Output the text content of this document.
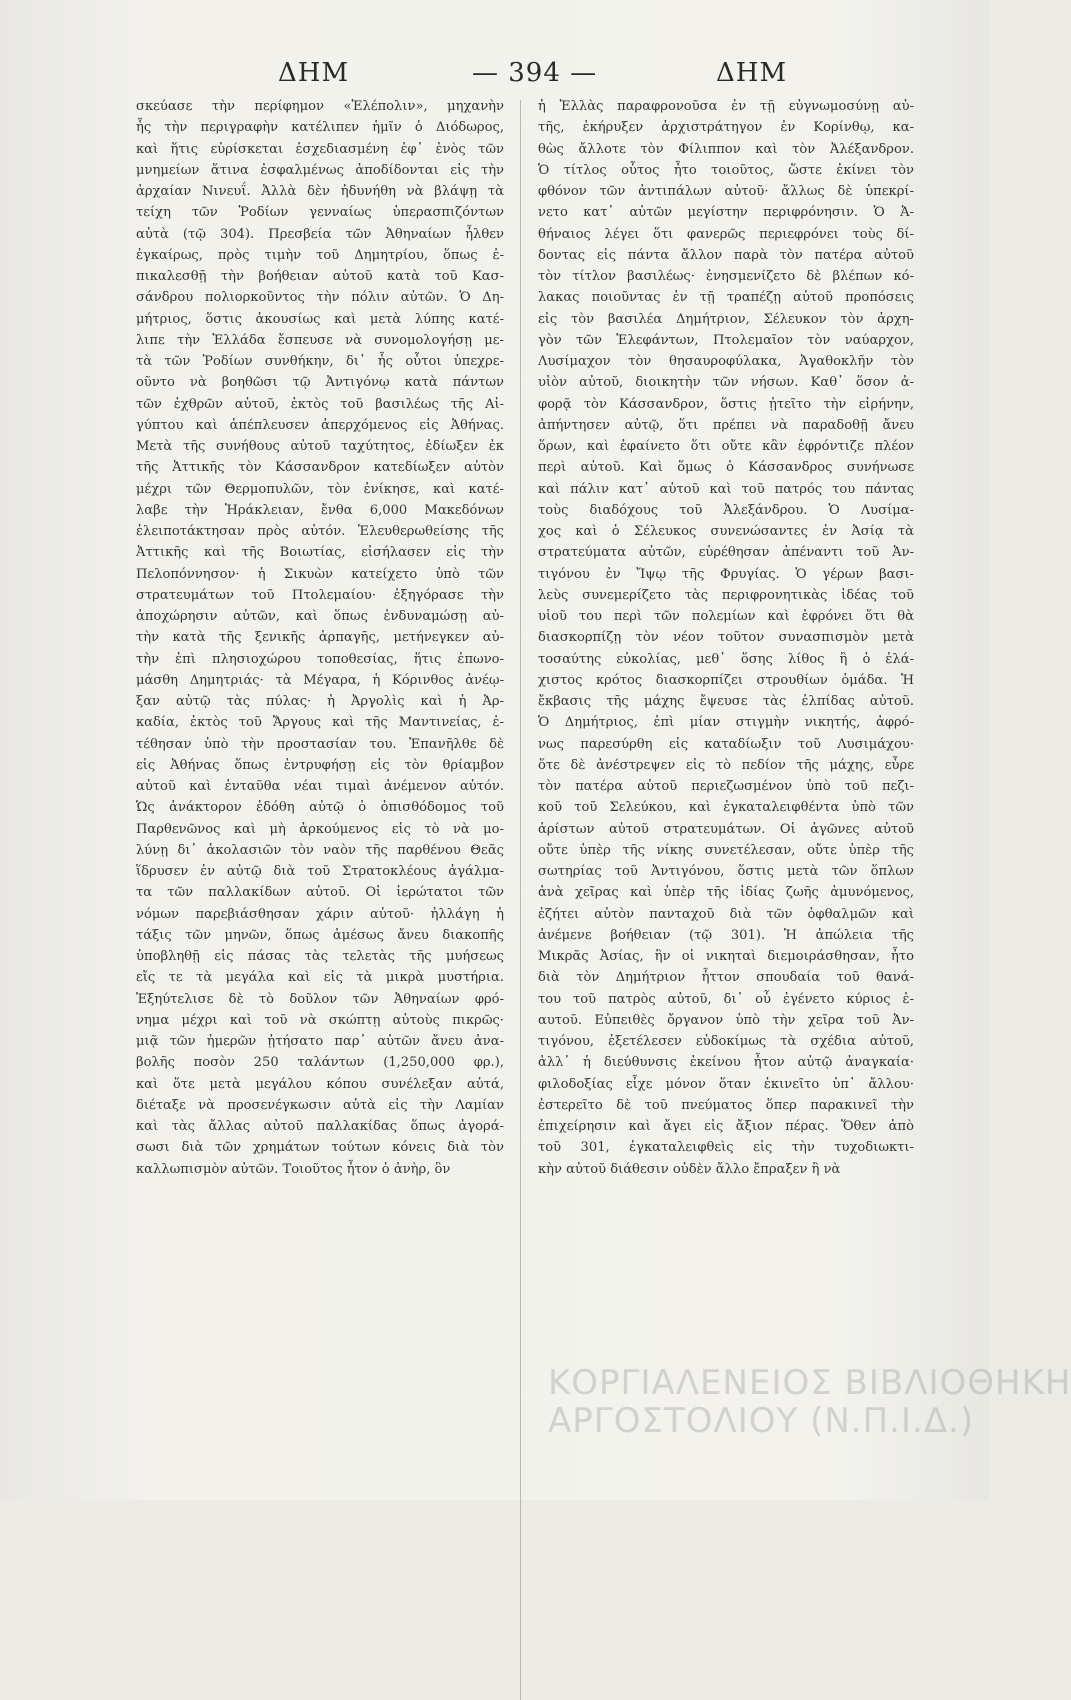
ΔΗΜ	— 394 —	ΔΗΜ

σκεύασε τὴν περίφημον «Ἑλέπολιν», μηχανὴν

ἧς τὴν περιγραφὴν κατέλιπεν ἡμῖν ὁ Διόδωρος,

καὶ ἥτις εὑρίσκεται ἐσχεδιασμένη ἐφ᾽ ἑνὸς τῶν

μνημείων ἅτινα ἐσφαλμένως ἀποδίδονται εἰς τὴν

ἀρχαίαν Νινευΐ. Ἀλλὰ δὲν ἠδυνήθη νὰ βλάψῃ τὰ

τείχη τῶν Ῥοδίων γενναίως ὑπερασπιζόντων

αὐτὰ (τῷ 304). Πρεσβεία τῶν Ἀθηναίων ἦλθεν

ἐγκαίρως, πρὸς τιμὴν τοῦ Δημητρίου, ὅπως ἐ-

πικαλεσθῇ τὴν βοήθειαν αὐτοῦ κατὰ τοῦ Κασ-

σάνδρου πολιορκοῦντος τὴν πόλιν αὐτῶν. Ὁ Δη-

μήτριος, ὅστις ἀκουσίως καὶ μετὰ λύπης κατέ-

λιπε τὴν Ἑλλάδα ἔσπευσε νὰ συνομολογήσῃ με-

τὰ τῶν Ῥοδίων συνθήκην, δι᾽ ἧς οὗτοι ὑπεχρε-

οῦντο νὰ βοηθῶσι τῷ Ἀντιγόνῳ κατὰ πάντων

τῶν ἐχθρῶν αὐτοῦ, ἐκτὸς τοῦ βασιλέως τῆς Αἰ-

γύπτου καὶ ἀπέπλευσεν ἀπερχόμενος εἰς Ἀθήνας.

Μετὰ τῆς συνήθους αὐτοῦ ταχύτητος, ἐδίωξεν ἐκ

τῆς Ἀττικῆς τὸν Κάσσανδρον κατεδίωξεν αὐτὸν

μέχρι τῶν Θερμοπυλῶν, τὸν ἐνίκησε, καὶ κατέ-

λαβε τὴν Ἡράκλειαν, ἔνθα 6,000 Μακεδόνων

ἐλειποτάκτησαν πρὸς αὐτόν. Ἐλευθερωθείσης τῆς

Ἀττικῆς καὶ τῆς Βοιωτίας, εἰσήλασεν εἰς τὴν

Πελοπόννησον· ἡ Σικυὼν κατείχετο ὑπὸ τῶν

στρατευμάτων τοῦ Πτολεμαίου· ἐξηγόρασε τὴν

ἀποχώρησιν αὐτῶν, καὶ ὅπως ἐνδυναμώσῃ αὐ-

τὴν κατὰ τῆς ξενικῆς ἁρπαγῆς, μετήνεγκεν αὐ-

τὴν ἐπὶ πλησιοχώρου τοποθεσίας, ἥτις ἐπωνο-

μάσθη Δημητριάς· τὰ Μέγαρα, ἡ Κόρινθος ἀνέῳ-

ξαν αὐτῷ τὰς πύλας· ἡ Ἀργολὶς καὶ ἡ Ἀρ-

καδία, ἐκτὸς τοῦ Ἄργους καὶ τῆς Μαντινείας, ἐ-

τέθησαν ὑπὸ τὴν προστασίαν του. Ἐπανῆλθε δὲ

εἰς Ἀθήνας ὅπως ἐντρυφήσῃ εἰς τὸν θρίαμβον

αὐτοῦ καὶ ἐνταῦθα νέαι τιμαὶ ἀνέμενον αὐτόν.

Ὡς ἀνάκτορον ἐδόθη αὐτῷ ὁ ὀπισθόδομος τοῦ

Παρθενῶνος καὶ μὴ ἀρκούμενος εἰς τὸ νὰ μο-

λύνῃ δι᾽ ἀκολασιῶν τὸν ναὸν τῆς παρθένου Θεᾶς

ἵδρυσεν ἐν αὐτῷ διὰ τοῦ Στρατοκλέους ἀγάλμα-

τα τῶν παλλακίδων αὐτοῦ. Οἱ ἱερώτατοι τῶν

νόμων παρεβιάσθησαν χάριν αὐτοῦ· ἠλλάγη ἡ

τάξις τῶν μηνῶν, ὅπως ἀμέσως ἄνευ διακοπῆς

ὑποβληθῇ εἰς πάσας τὰς τελετὰς τῆς μυήσεως

εἴς τε τὰ μεγάλα καὶ εἰς τὰ μικρὰ μυστήρια.

Ἐξηύτελισε δὲ τὸ δοῦλον τῶν Ἀθηναίων φρό-

νημα μέχρι καὶ τοῦ νὰ σκώπτῃ αὐτοὺς πικρῶς·

μιᾷ τῶν ἡμερῶν ᾐτήσατο παρ᾽ αὐτῶν ἄνευ ἀνα-

βολῆς ποσὸν 250 ταλάντων (1,250,000 φρ.),

καὶ ὅτε μετὰ μεγάλου κόπου συνέλεξαν αὐτά,

διέταξε νὰ προσενέγκωσιν αὐτὰ εἰς τὴν Λαμίαν

καὶ τὰς ἄλλας αὐτοῦ παλλακίδας ὅπως ἀγορά-

σωσι διὰ τῶν χρημάτων τούτων κόνεις διὰ τὸν

καλλωπισμὸν αὐτῶν. Τοιοῦτος ἦτον ὁ ἀνὴρ, ὃν

ἡ Ἑλλὰς παραφρονοῦσα ἐν τῇ εὐγνωμοσύνῃ αὐ-

τῆς, ἐκήρυξεν ἀρχιστράτηγον ἐν Κορίνθῳ, κα-

θὼς ἄλλοτε τὸν Φίλιππον καὶ τὸν Ἀλέξανδρον.

Ὁ τίτλος οὗτος ἦτο τοιοῦτος, ὥστε ἐκίνει τὸν

φθόνον τῶν ἀντιπάλων αὐτοῦ· ἄλλως δὲ ὑπεκρί-

νετο κατ᾽ αὐτῶν μεγίστην περιφρόνησιν. Ὁ Ἀ-

θήναιος λέγει ὅτι φανερῶς περιεφρόνει τοὺς δί-

δοντας εἰς πάντα ἄλλον παρὰ τὸν πατέρα αὐτοῦ

τὸν τίτλον βασιλέως· ἐνησμενίζετο δὲ βλέπων κό-

λακας ποιοῦντας ἐν τῇ τραπέζῃ αὐτοῦ προπόσεις

εἰς τὸν βασιλέα Δημήτριον, Σέλευκον τὸν ἀρχη-

γὸν τῶν Ἐλεφάντων, Πτολεμαῖον τὸν ναύαρχον,

Λυσίμαχον τὸν θησαυροφύλακα, Ἀγαθοκλῆν τὸν

υἱὸν αὐτοῦ, διοικητὴν τῶν νήσων. Καθ᾽ ὅσον ἀ-

φορᾷ τὸν Κάσσανδρον, ὅστις ᾐτεῖτο τὴν εἰρήνην,

ἀπήντησεν αὐτῷ, ὅτι πρέπει νὰ παραδοθῇ ἄνευ

ὅρων, καὶ ἐφαίνετο ὅτι οὔτε κἂν ἐφρόντιζε πλέον

περὶ αὐτοῦ. Καὶ ὅμως ὁ Κάσσανδρος συνήνωσε

καὶ πάλιν κατ᾽ αὐτοῦ καὶ τοῦ πατρός του πάντας

τοὺς διαδόχους τοῦ Ἀλεξάνδρου. Ὁ Λυσίμα-

χος καὶ ὁ Σέλευκος συνενώσαντες ἐν Ἀσίᾳ τὰ

στρατεύματα αὐτῶν, εὑρέθησαν ἀπέναντι τοῦ Ἀν-

τιγόνου ἐν Ἴψῳ τῆς Φρυγίας. Ὁ γέρων βασι-

λεὺς συνεμερίζετο τὰς περιφρονητικὰς ἰδέας τοῦ

υἱοῦ του περὶ τῶν πολεμίων καὶ ἐφρόνει ὅτι θὰ

διασκορπίζῃ τὸν νέον τοῦτον συνασπισμὸν μετὰ

τοσαύτης εὐκολίας, μεθ᾽ ὅσης λίθος ἢ ὁ ἐλά-

χιστος κρότος διασκορπίζει στρουθίων ὁμάδα. Ἡ

ἔκβασις τῆς μάχης ἔψευσε τὰς ἐλπίδας αὐτοῦ.

Ὁ Δημήτριος, ἐπὶ μίαν στιγμὴν νικητής, ἀφρό-

νως παρεσύρθη εἰς καταδίωξιν τοῦ Λυσιμάχου·

ὅτε δὲ ἀνέστρεψεν εἰς τὸ πεδίον τῆς μάχης, εὗρε

τὸν πατέρα αὐτοῦ περιεζωσμένον ὑπὸ τοῦ πεζι-

κοῦ τοῦ Σελεύκου, καὶ ἐγκαταλειφθέντα ὑπὸ τῶν

ἀρίστων αὐτοῦ στρατευμάτων. Οἱ ἀγῶνες αὐτοῦ

οὔτε ὑπὲρ τῆς νίκης συνετέλεσαν, οὔτε ὑπὲρ τῆς

σωτηρίας τοῦ Ἀντιγόνου, ὅστις μετὰ τῶν ὅπλων

ἀνὰ χεῖρας καὶ ὑπὲρ τῆς ἰδίας ζωῆς ἀμυνόμενος,

ἐζήτει αὐτὸν πανταχοῦ διὰ τῶν ὀφθαλμῶν καὶ

ἀνέμενε βοήθειαν (τῷ 301). Ἡ ἀπώλεια τῆς

Μικρᾶς Ἀσίας, ἣν οἱ νικηταὶ διεμοιράσθησαν, ἦτο

διὰ τὸν Δημήτριον ἧττον σπουδαία τοῦ θανά-

του τοῦ πατρὸς αὐτοῦ, δι᾽ οὗ ἐγένετο κύριος ἑ-

αυτοῦ. Εὐπειθὲς ὄργανον ὑπὸ τὴν χεῖρα τοῦ Ἀν-

τιγόνου, ἐξετέλεσεν εὐδοκίμως τὰ σχέδια αὐτοῦ,

ἀλλ᾽ ἡ διεύθυνσις ἐκείνου ἦτον αὐτῷ ἀναγκαία·

φιλοδοξίας εἶχε μόνον ὅταν ἐκινεῖτο ὑπ᾽ ἄλλου·

ἐστερεῖτο δὲ τοῦ πνεύματος ὅπερ παρακινεῖ τὴν

ἐπιχείρησιν καὶ ἄγει εἰς ἄξιον πέρας. Ὅθεν ἀπὸ

τοῦ 301, ἐγκαταλειφθεὶς εἰς τὴν τυχοδιωκτι-

κὴν αὐτοῦ διάθεσιν οὐδὲν ἄλλο ἔπραξεν ἢ νὰ

ΚΟΡΓΙΑΛΕΝΕΙΟΣ ΒΙΒΛΙΟΘΗΚΗ
ΑΡΓΟΣΤΟΛΙΟΥ (Ν.Π.Ι.Δ.)
